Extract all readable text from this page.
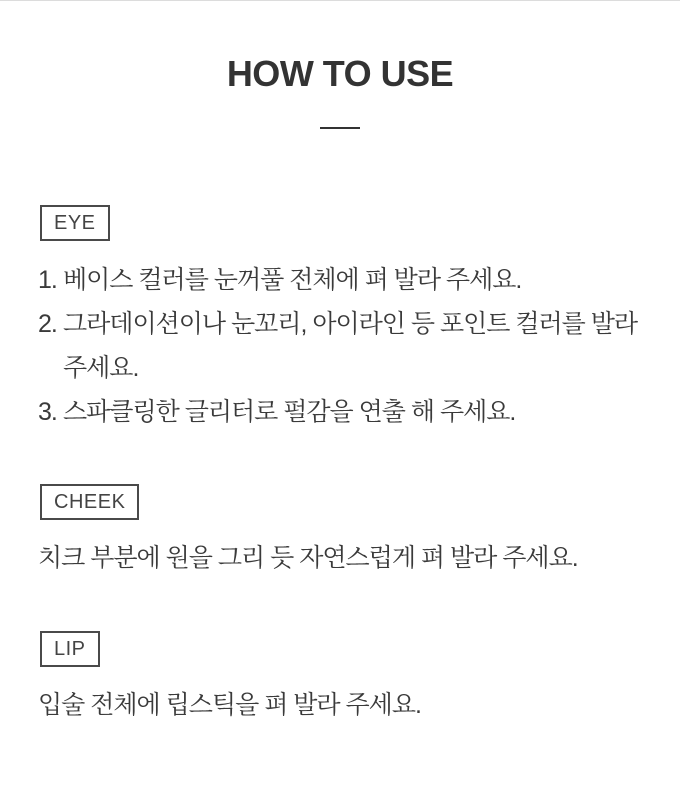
HOW TO USE
EYE
1. 베이스 컬러를 눈꺼풀 전체에 펴 발라 주세요.
2. 그라데이션이나 눈꼬리, 아이라인 등 포인트 컬러를 발라주세요.
3. 스파클링한 글리터로 펄감을 연출 해 주세요.
CHEEK

치크 부분에 원을 그리 듯 자연스럽게 펴 발라 주세요.

LIP

입술 전체에 립스틱을 펴 발라 주세요.
